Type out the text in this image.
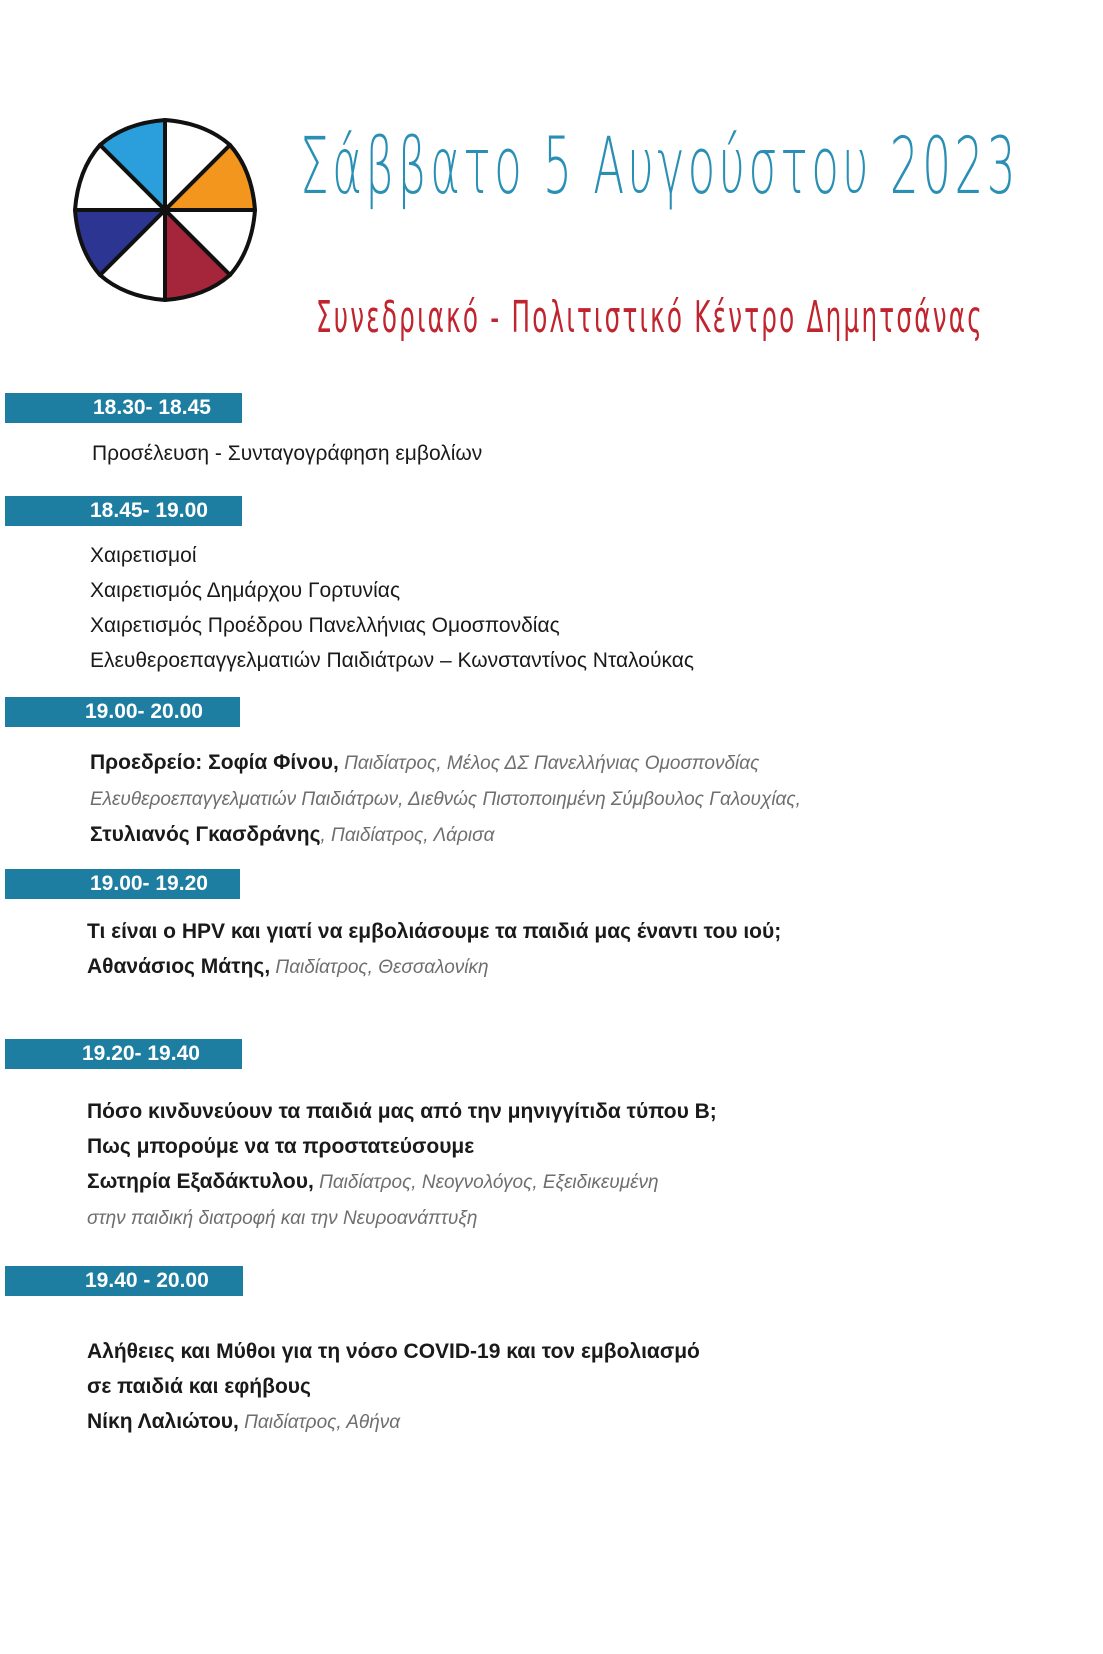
Σάββατο 5 Αυγούστου 2023
Συνεδριακό - Πολιτιστικό Κέντρο Δημητσάνας
18.30- 18.45
Προσέλευση - Συνταγογράφηση εμβολίων
18.45- 19.00
Χαιρετισμοί
Χαιρετισμός Δημάρχου Γορτυνίας
Χαιρετισμός Προέδρου Πανελλήνιας Ομοσπονδίας
Ελευθεροεπαγγελματιών Παιδιάτρων – Κωνσταντίνος Νταλούκας
19.00- 20.00
Προεδρείο: Σοφία Φίνου, Παιδίατρος, Μέλος ΔΣ Πανελλήνιας Ομοσπονδίας
Ελευθεροεπαγγελματιών Παιδιάτρων, Διεθνώς Πιστοποιημένη Σύμβουλος Γαλουχίας,
Στυλιανός Γκασδράνης, Παιδίατρος, Λάρισα
19.00- 19.20
Τι είναι ο HPV και γιατί να εμβολιάσουμε τα παιδιά μας έναντι του ιού;
Αθανάσιος Μάτης, Παιδίατρος, Θεσσαλονίκη
19.20- 19.40
Πόσο κινδυνεύουν τα παιδιά μας από την μηνιγγίτιδα τύπου Β;
Πως μπορούμε να τα προστατεύσουμε
Σωτηρία Εξαδάκτυλου, Παιδίατρος, Νεογνολόγος, Εξειδικευμένη
στην παιδική διατροφή και την Νευροανάπτυξη
19.40 - 20.00
Αλήθειες και Μύθοι για τη νόσο COVID-19 και τον εμβολιασμό
σε παιδιά και εφήβους
Νίκη Λαλιώτου, Παιδίατρος, Αθήνα
